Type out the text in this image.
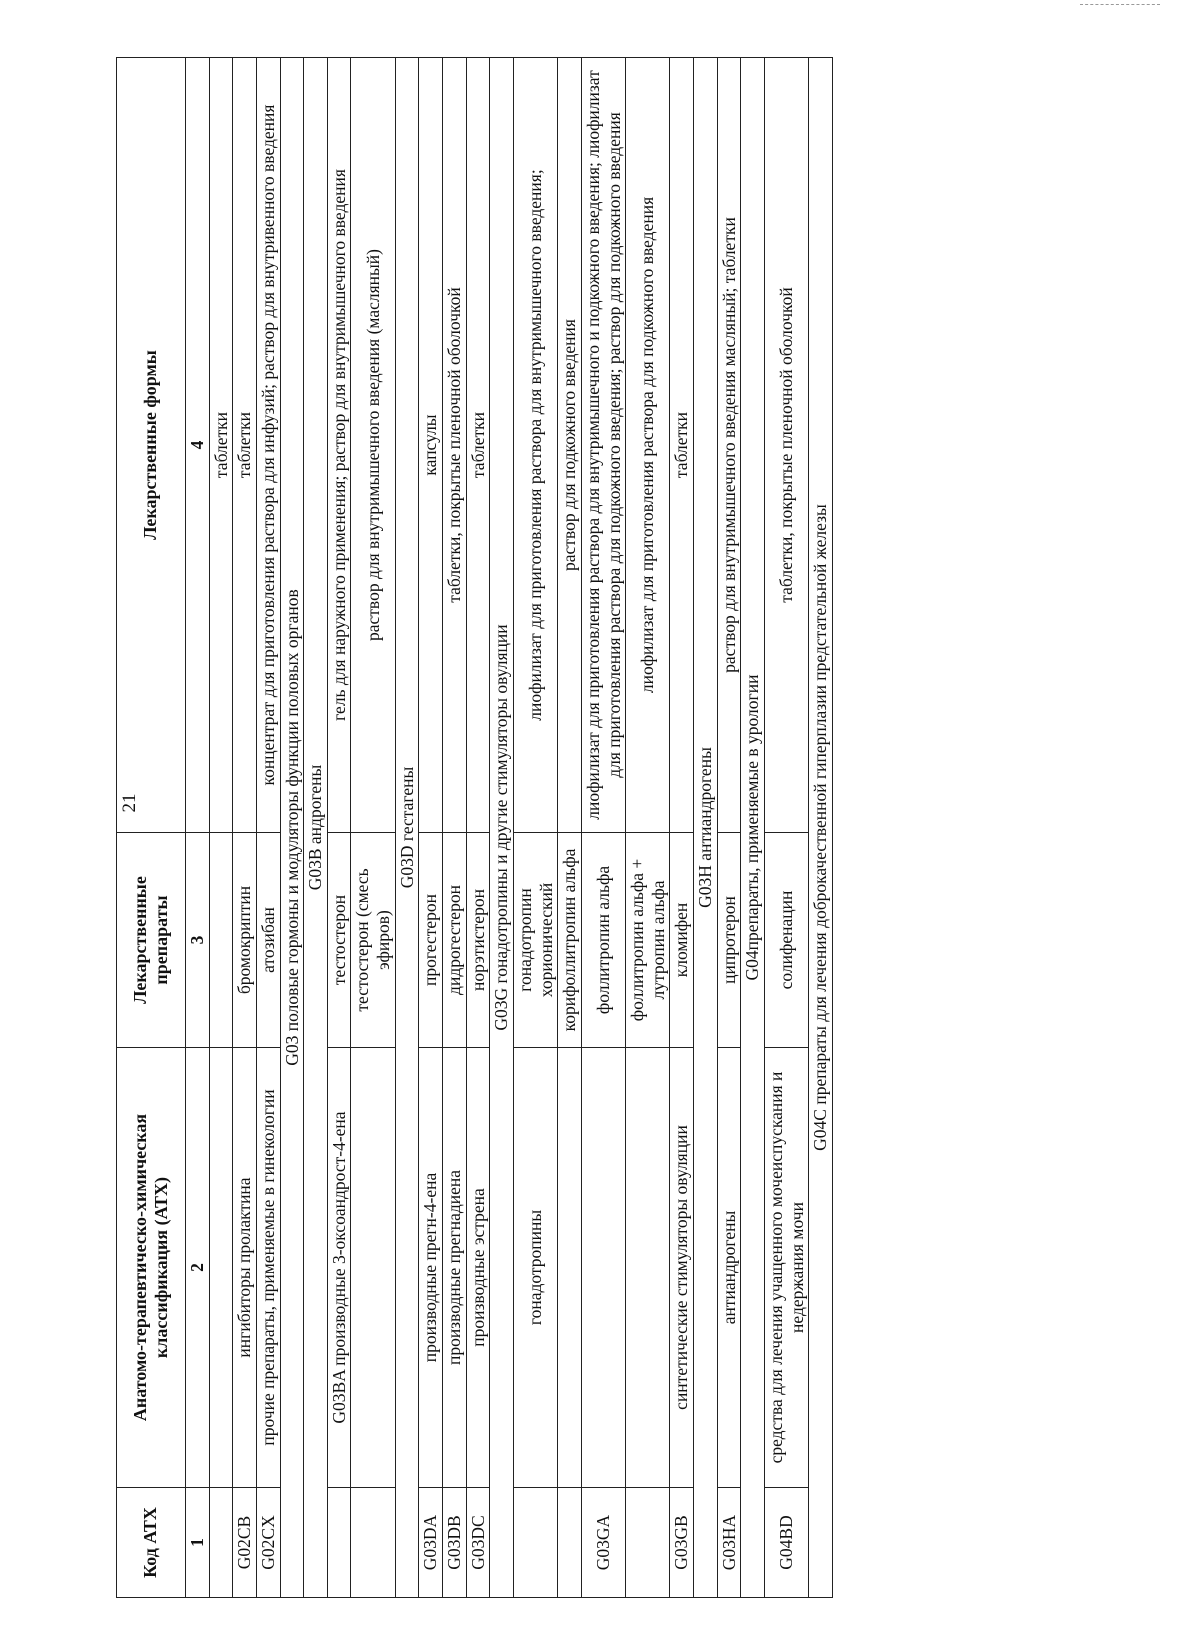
21
Код АТХ	Анатомо-терапевтическо-химическая классификация (АТХ)	Лекарственные препараты	Лекарственные формы
1	2	3	4
			таблетки
G02CB	ингибиторы пролактина	бромокриптин	таблетки
G02CX	прочие препараты, применяемые в гинекологии	атозибан	концентрат для приготовления раствора для инфузий; раствор для внутривенного введения
G03 половые гормоны и модуляторы функции половых органов			
G03B андрогены			
	G03BA производные 3-оксоандрост-4-ена	тестостерон	гель для наружного применения; раствор для внутримышечного введения
		тестостерон (смесь эфиров)	раствор для внутримышечного введения (масляный)
G03D гестагены			
G03DA	производные прегн-4-ена	прогестерон	капсулы
G03DB	производные прегнадиена	дидрогестерон	таблетки, покрытые пленочной оболочкой
G03DC	производные эстрена	норэтистерон	таблетки
G03G гонадотропины и другие стимуляторы овуляции			
	гонадотропины	гонадотропин хорионический	лиофилизат для приготовления раствора для внутримышечного введения;
		корифоллитропин альфа	раствор для подкожного введения
G03GA		фоллитропин альфа	лиофилизат для приготовления раствора для внутримышечного и подкожного введения; лиофилизат для приготовления раствора для подкожного введения; раствор для подкожного введения
		фоллитропин альфа + лутропин альфа	лиофилизат для приготовления раствора для подкожного введения
G03GB	синтетические стимуляторы овуляции	кломифен	таблетки
G03H антиандрогены			
G03HA	антиандрогены	ципротерон	раствор для внутримышечного введения масляный; таблетки
G04препараты, применяемые в урологии			
G04BD	средства для лечения учащенного мочеиспускания и недержания мочи	солифенацин	таблетки, покрытые пленочной оболочкой
G04C препараты для лечения доброкачественной гиперплазии предстательной железы			
